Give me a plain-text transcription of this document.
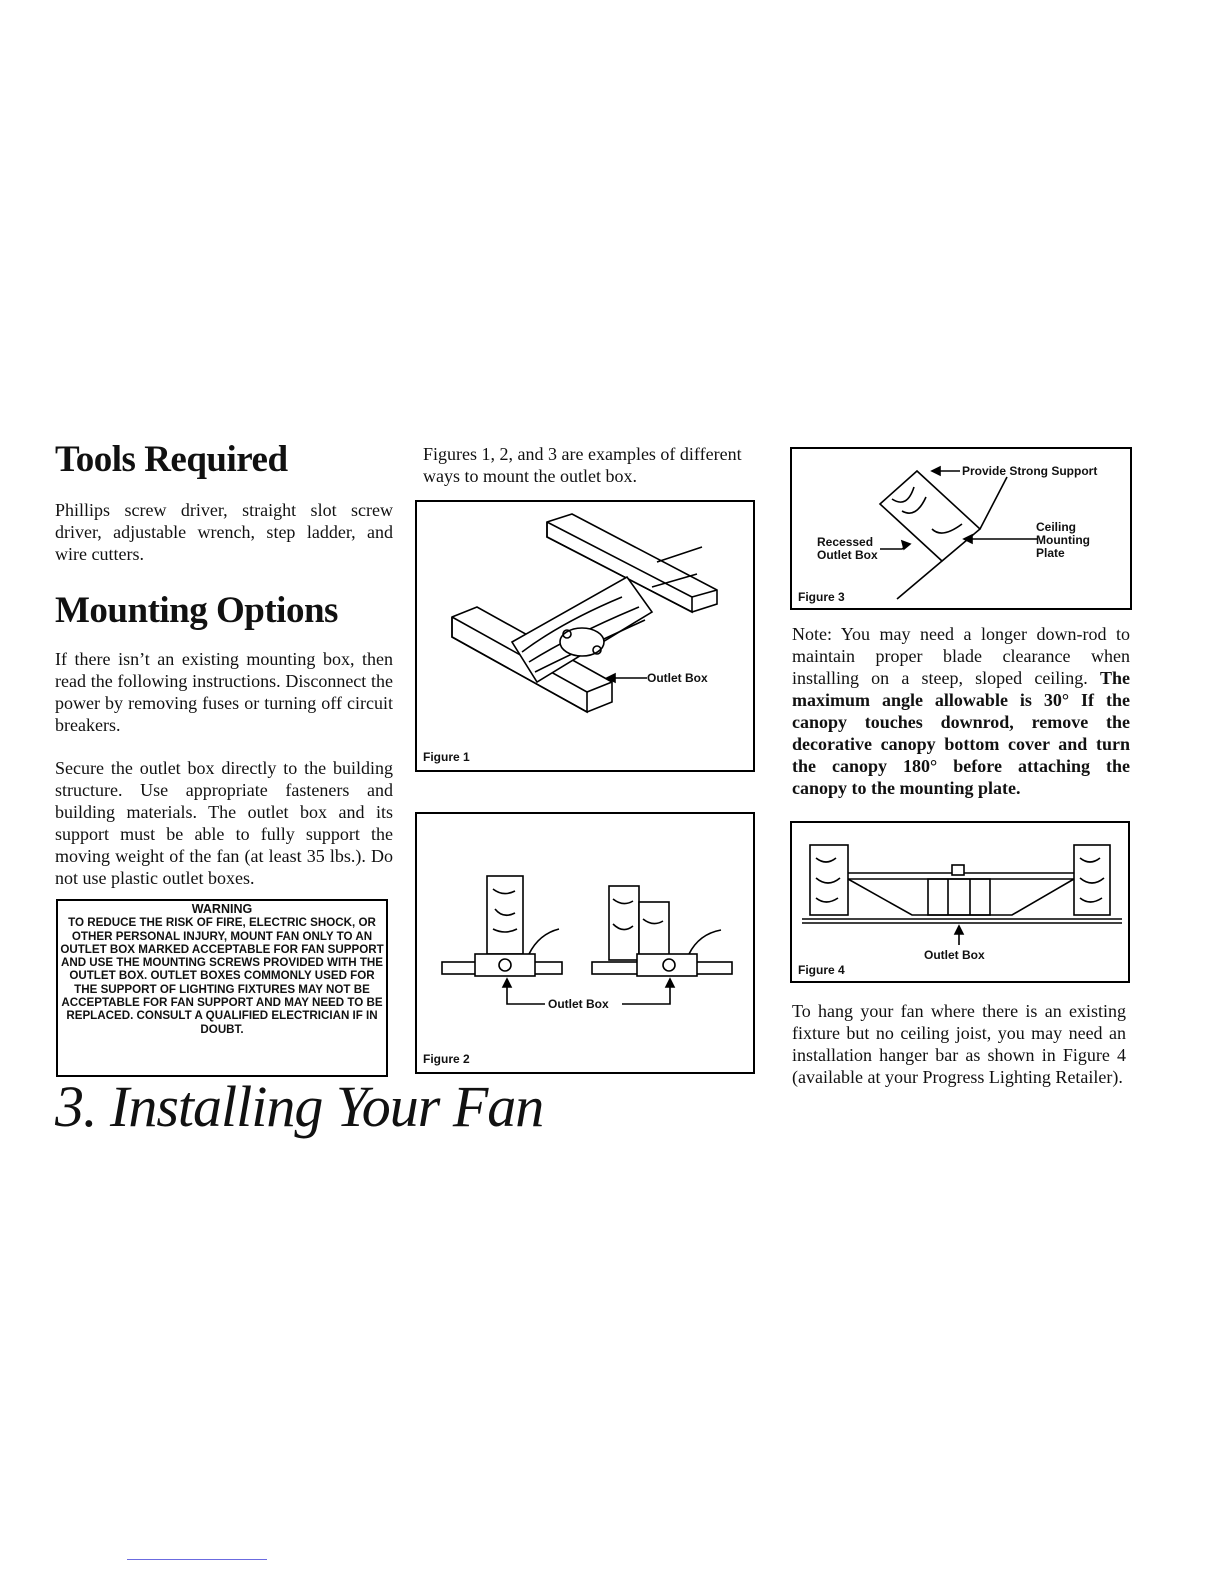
Tools Required

Phillips screw driver, straight slot screw driver, adjustable wrench, step ladder, and wire cutters.

Mounting Options

If there isn’t an existing mounting box, then read the following instructions. Disconnect the power by removing fuses or turning off circuit breakers.

Secure the outlet box directly to the building structure. Use appropriate fasteners and building materials. The outlet box and its support must be able to fully support the moving weight of the fan (at least 35 lbs.). Do not use plastic outlet boxes.

WARNING
TO REDUCE THE RISK OF FIRE, ELECTRIC SHOCK, OR OTHER PERSONAL INJURY, MOUNT FAN ONLY TO AN OUTLET BOX MARKED ACCEPTABLE FOR FAN SUPPORT AND USE THE MOUNTING SCREWS PROVIDED WITH THE OUTLET BOX. OUTLET BOXES COMMONLY USED FOR THE SUPPORT OF LIGHTING FIXTURES MAY NOT BE ACCEPTABLE FOR FAN SUPPORT AND MAY NEED TO BE REPLACED. CONSULT A QUALIFIED ELECTRICIAN IF IN DOUBT.

3. Installing Your Fan

Figures 1, 2, and 3 are examples of different ways to mount the outlet box.

Outlet Box
Figure 1
Outlet Box
Figure 2
Provide Strong Support
Recessed
Outlet Box
Ceiling
Mounting
Plate
Figure 3

Note: You may need a longer down-rod to maintain proper blade clearance when installing on a steep, sloped ceiling. The maximum angle allowable is 30° If the canopy touches downrod, remove the decorative canopy bottom cover and turn the canopy 180° before attaching the canopy to the mounting plate.

Outlet Box
Figure 4

To hang your fan where there is an existing fixture but no ceiling joist, you may need an installation hanger bar as shown in Figure 4 (available at your Progress Lighting Retailer).
